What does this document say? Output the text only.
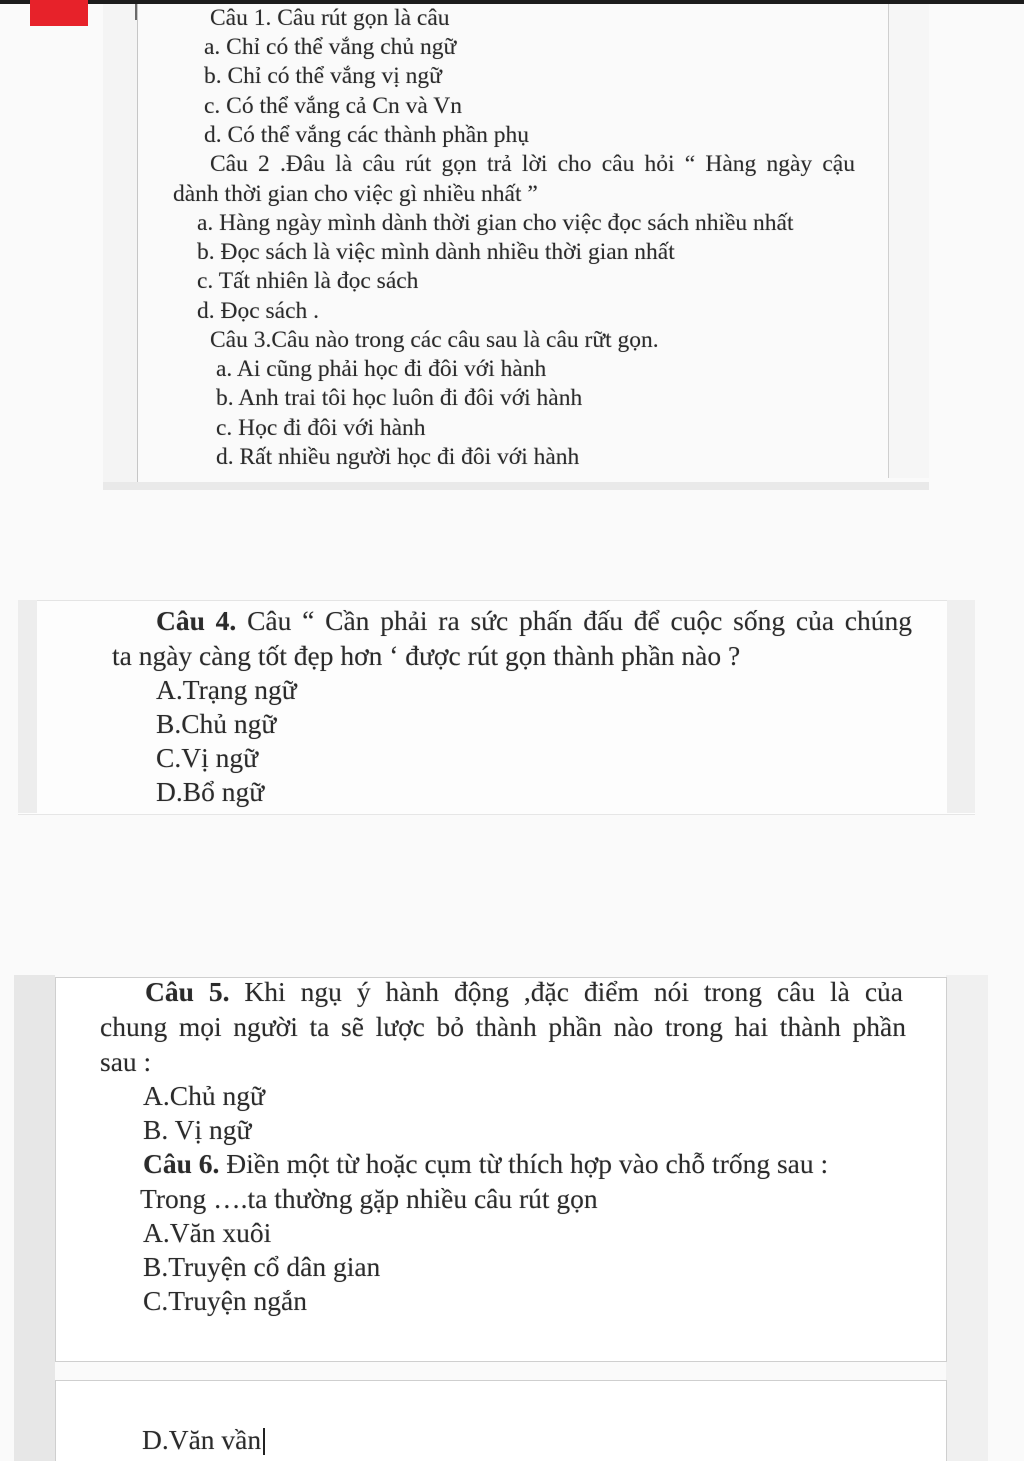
Câu 1. Câu rút gọn là câu
a. Chỉ có thể vắng chủ ngữ
b. Chỉ có thể vắng vị ngữ
c. Có thể vắng cả Cn và Vn
d. Có thể vắng các thành phần phụ
Câu 2 .Đâu là câu rút gọn trả lời cho câu hỏi “ Hàng ngày cậu
dành thời gian cho việc gì nhiều nhất ”
a. Hàng ngày mình dành thời gian cho việc đọc sách nhiều nhất
b. Đọc sách là việc mình dành nhiều thời gian nhất
c. Tất nhiên là đọc sách
d. Đọc sách .
Câu 3.Câu nào trong các câu sau là câu rữt gọn.
a. Ai cũng phải học đi đôi với hành
b. Anh trai tôi học luôn đi đôi với hành
c. Học đi đôi với hành
d. Rất nhiều người học đi đôi với hành
Câu 4. Câu “ Cần phải ra sức phấn đấu để cuộc sống của chúng
ta ngày càng tốt đẹp hơn ‘ được rút gọn thành phần nào ?
A.Trạng ngữ
B.Chủ ngữ
C.Vị ngữ
D.Bổ ngữ
Câu 5. Khi ngụ ý hành động ,đặc điểm nói trong câu là của
chung mọi người ta sẽ lược bỏ thành phần nào trong hai thành phần
sau :
A.Chủ ngữ
B. Vị ngữ
Câu 6. Điền một từ hoặc cụm từ thích hợp vào chỗ trống sau :
Trong ….ta thường gặp nhiều câu rút gọn
A.Văn xuôi
B.Truyện cổ dân gian
C.Truyện ngắn
D.Văn vần
